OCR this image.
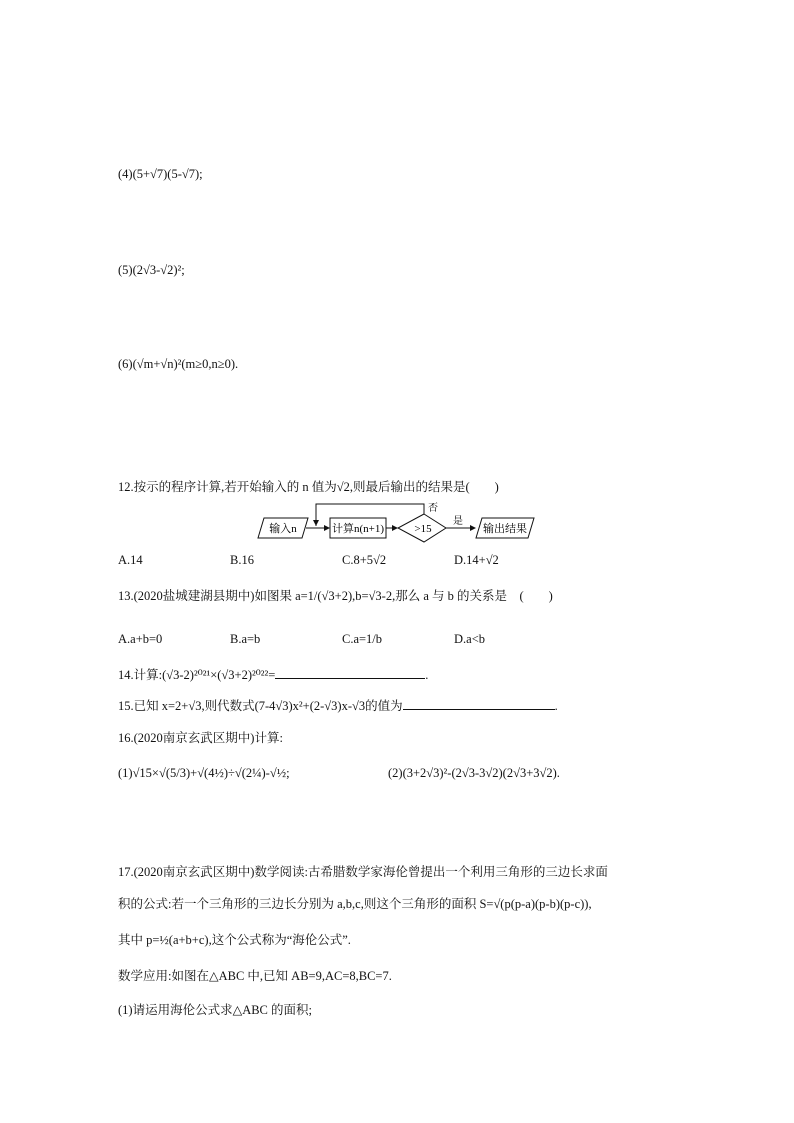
(4)(5+√7)(5-√7);
(5)(2√3-√2)²;
(6)(√m+√n)²(m≥0,n≥0).
12.按示的程序计算,若开始输入的 n 值为√2,则最后输出的结果是(　　)
输入n	计算n(n+1)	>15
否
是
输出结果
A.14	B.16	C.8+5√2	D.14+√2
13.(2020盐城建湖县期中)如图果 a=1/(√3+2),b=√3-2,那么 a 与 b 的关系是　(　　)
A.a+b=0	B.a=b	C.a=1/b	D.a<b
14.计算:(√3-2)²⁰²¹×(√3+2)²⁰²²=	.
15.已知 x=2+√3,则代数式(7-4√3)x²+(2-√3)x-√3的值为	.
16.(2020南京玄武区期中)计算:
(1)√15×√(5/3)+√(4½)÷√(2¼)-√½;	(2)(3+2√3)²-(2√3-3√2)(2√3+3√2).
17.(2020南京玄武区期中)数学阅读:古希腊数学家海伦曾提出一个利用三角形的三边长求面
积的公式:若一个三角形的三边长分别为 a,b,c,则这个三角形的面积 S=√(p(p-a)(p-b)(p-c)),
其中 p=½(a+b+c),这个公式称为“海伦公式”.
数学应用:如图在△ABC 中,已知 AB=9,AC=8,BC=7.
(1)请运用海伦公式求△ABC 的面积;
